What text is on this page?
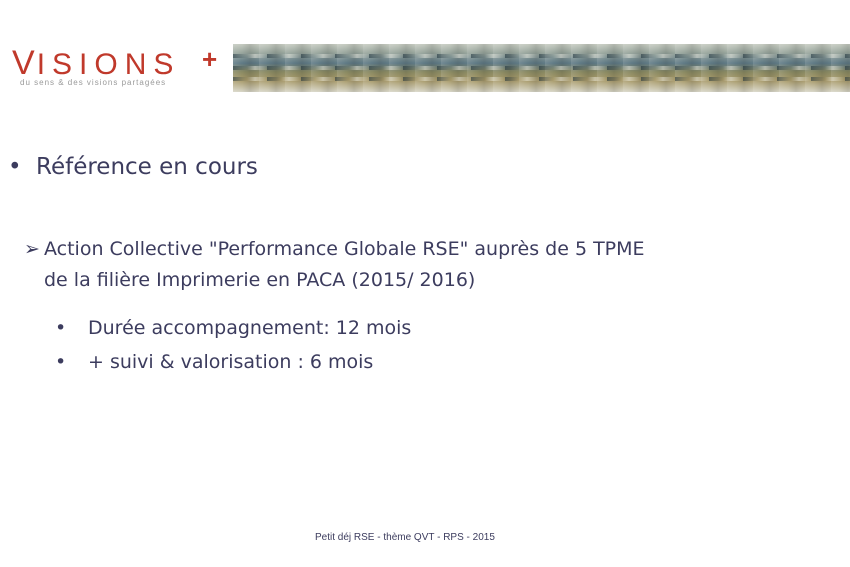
VISIONS +
du sens & des visions partagées
• Référence en cours
➢ Action Collective "Performance Globale RSE" auprès de 5 TPME
de la filière Imprimerie en PACA (2015/ 2016)
• Durée accompagnement: 12 mois
• + suivi & valorisation : 6 mois
Petit déj RSE - thème QVT - RPS - 2015
